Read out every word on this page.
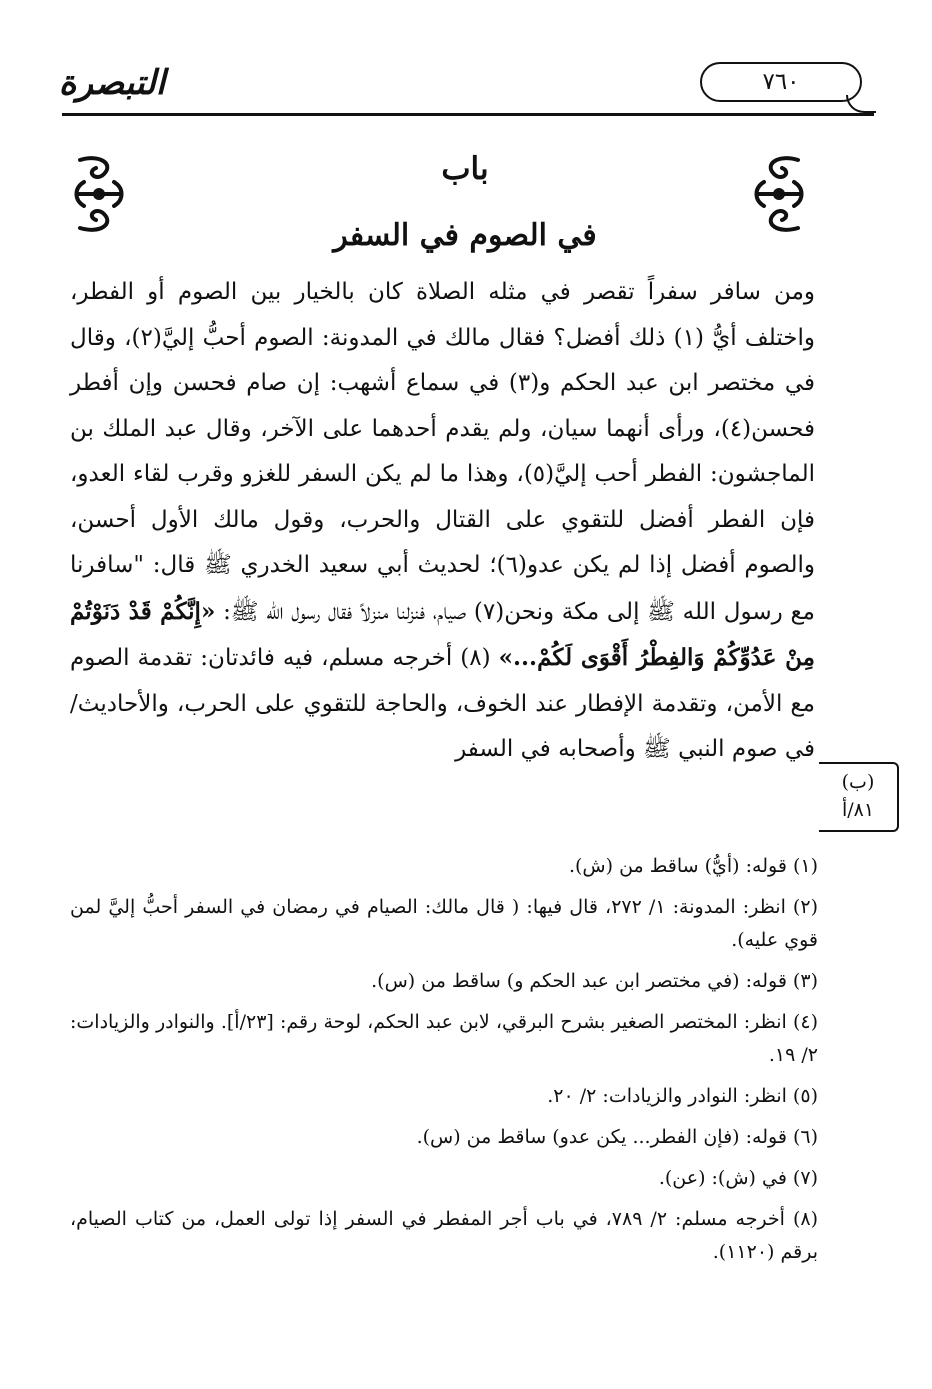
التبصرة	٧٦٠
باب
في الصوم في السفر

ومن سافر سفراً تقصر في مثله الصلاة كان بالخيار بين الصوم أو الفطر، واختلف أيُّ (١) ذلك أفضل؟ فقال مالك في المدونة: الصوم أحبُّ إليَّ(٢)، وقال في مختصر ابن عبد الحكم و(٣) في سماع أشهب: إن صام فحسن وإن أفطر فحسن(٤)، ورأى أنهما سيان، ولم يقدم أحدهما على الآخر، وقال عبد الملك بن الماجشون: الفطر أحب إليَّ(٥)، وهذا ما لم يكن السفر للغزو وقرب لقاء العدو، فإن الفطر أفضل للتقوي على القتال والحرب، وقول مالك الأول أحسن، والصوم أفضل إذا لم يكن عدو(٦)؛ لحديث أبي سعيد الخدري ﷺ قال: "سافرنا مع رسول الله ﷺ إلى مكة ونحن(٧) صيام، فنزلنا منزلاً فقال رسول الله ﷺ: «إِنَّكُمْ قَدْ دَنَوْتُمْ مِنْ عَدُوِّكُمْ وَالفِطْرُ أَقْوَى لَكُمْ...» (٨) أخرجه مسلم، فيه فائدتان: تقدمة الصوم مع الأمن، وتقدمة الإفطار عند الخوف، والحاجة للتقوي على الحرب، والأحاديث/ في صوم النبي ﷺ وأصحابه في السفر

(ب)
٨١/أ

(١) قوله: (أيُّ) ساقط من (ش).

(٢) انظر: المدونة: ١/ ٢٧٢، قال فيها: ( قال مالك: الصيام في رمضان في السفر أحبُّ إليَّ لمن قوي عليه).

(٣) قوله: (في مختصر ابن عبد الحكم و) ساقط من (س).

(٤) انظر: المختصر الصغير بشرح البرقي، لابن عبد الحكم، لوحة رقم: [٢٣/أ]. والنوادر والزيادات: ٢/ ١٩.

(٥) انظر: النوادر والزيادات: ٢/ ٢٠.

(٦) قوله: (فإن الفطر... يكن عدو) ساقط من (س).

(٧) في (ش): (عن).

(٨) أخرجه مسلم: ٢/ ٧٨٩، في باب أجر المفطر في السفر إذا تولى العمل، من كتاب الصيام، برقم (١١٢٠).
